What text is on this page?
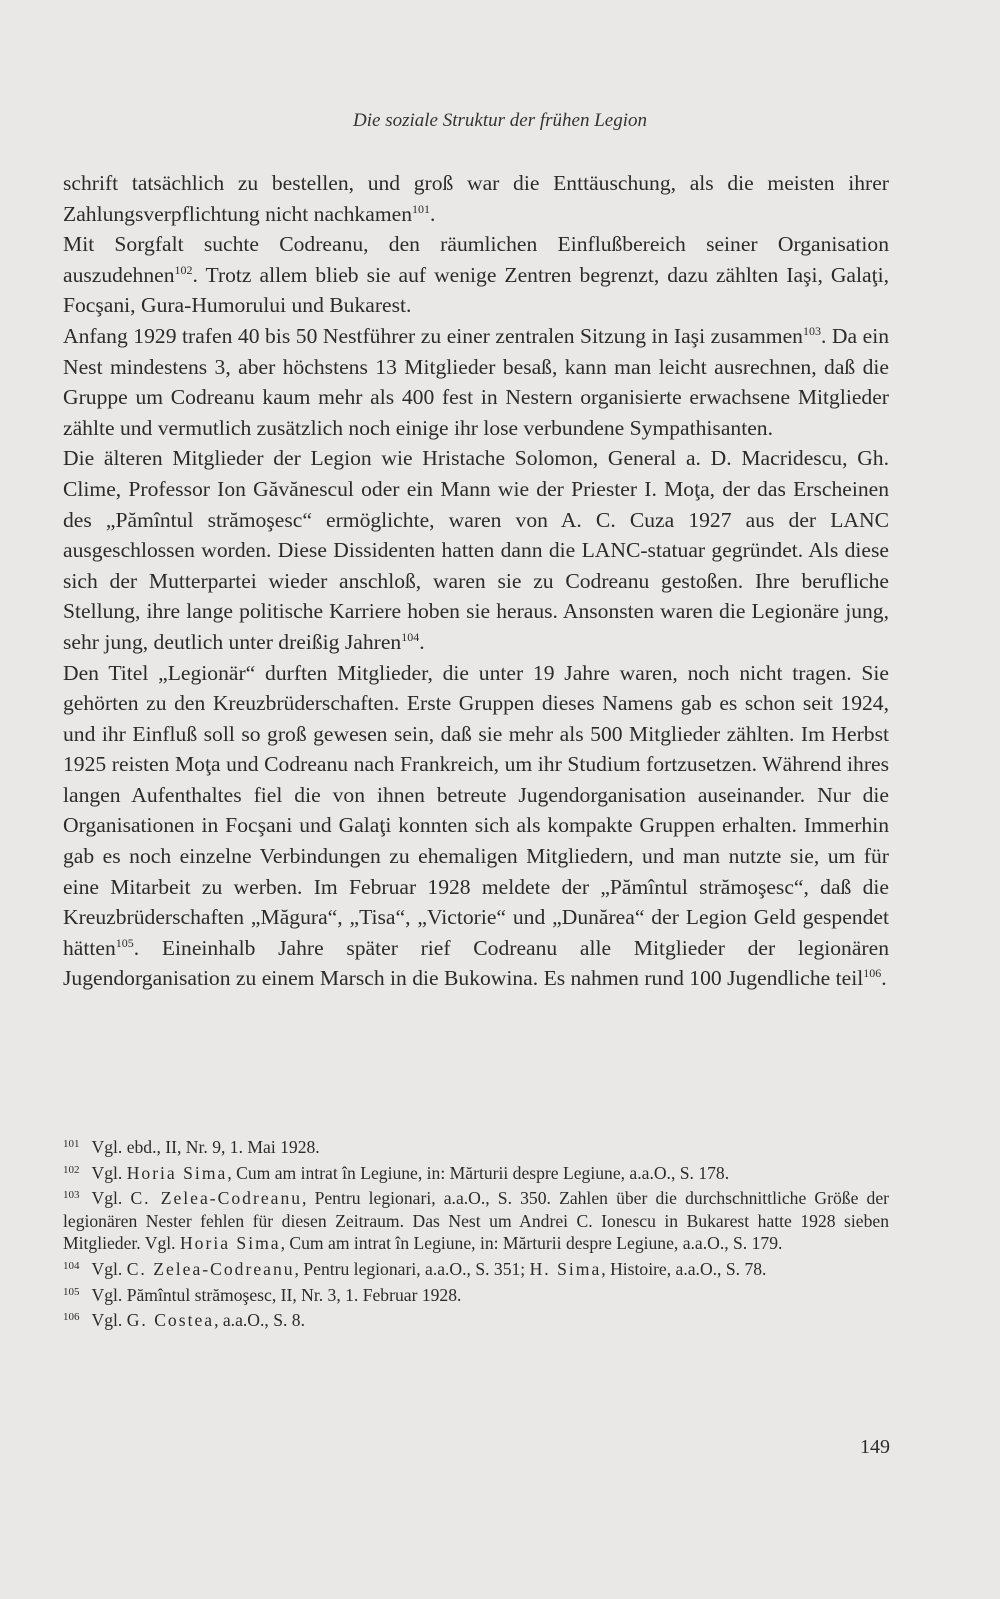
Die soziale Struktur der frühen Legion

schrift tatsächlich zu bestellen, und groß war die Enttäuschung, als die meisten ihrer Zahlungsverpflichtung nicht nachkamen$^{101}$.

Mit Sorgfalt suchte Codreanu, den räumlichen Einflußbereich seiner Organisation auszudehnen$^{102}$. Trotz allem blieb sie auf wenige Zentren begrenzt, dazu zählten Iaşi, Galaţi, Focşani, Gura-Humorului und Bukarest.

Anfang 1929 trafen 40 bis 50 Nestführer zu einer zentralen Sitzung in Iaşi zusammen$^{103}$. Da ein Nest mindestens 3, aber höchstens 13 Mitglieder besaß, kann man leicht ausrechnen, daß die Gruppe um Codreanu kaum mehr als 400 fest in Nestern organisierte erwachsene Mitglieder zählte und vermutlich zusätzlich noch einige ihr lose verbundene Sympathisanten.

Die älteren Mitglieder der Legion wie Hristache Solomon, General a. D. Macridescu, Gh. Clime, Professor Ion Găvănescul oder ein Mann wie der Priester I. Moţa, der das Erscheinen des „Pămîntul strămoşesc“ ermöglichte, waren von A. C. Cuza 1927 aus der LANC ausgeschlossen worden. Diese Dissidenten hatten dann die LANC-statuar gegründet. Als diese sich der Mutterpartei wieder anschloß, waren sie zu Codreanu gestoßen. Ihre berufliche Stellung, ihre lange politische Karriere hoben sie heraus. Ansonsten waren die Legionäre jung, sehr jung, deutlich unter dreißig Jahren$^{104}$.

Den Titel „Legionär“ durften Mitglieder, die unter 19 Jahre waren, noch nicht tragen. Sie gehörten zu den Kreuzbrüderschaften. Erste Gruppen dieses Namens gab es schon seit 1924, und ihr Einfluß soll so groß gewesen sein, daß sie mehr als 500 Mitglieder zählten. Im Herbst 1925 reisten Moţa und Codreanu nach Frankreich, um ihr Studium fortzusetzen. Während ihres langen Aufenthaltes fiel die von ihnen betreute Jugendorganisation auseinander. Nur die Organisationen in Focşani und Galaţi konnten sich als kompakte Gruppen erhalten. Immerhin gab es noch einzelne Verbindungen zu ehemaligen Mitgliedern, und man nutzte sie, um für eine Mitarbeit zu werben. Im Februar 1928 meldete der „Pămîntul strămoşesc“, daß die Kreuzbrüderschaften „Măgura“, „Tisa“, „Victorie“ und „Dunărea“ der Legion Geld gespendet hätten$^{105}$. Eineinhalb Jahre später rief Codreanu alle Mitglieder der legionären Jugendorganisation zu einem Marsch in die Bukowina. Es nahmen rund 100 Jugendliche teil$^{106}$.

$^{101}$ Vgl. ebd., II, Nr. 9, 1. Mai 1928.

$^{102}$ Vgl. Horia Sima, Cum am intrat în Legiune, in: Mărturii despre Legiune, a.a.O., S. 178.

$^{103}$ Vgl. C. Zelea-Codreanu, Pentru legionari, a.a.O., S. 350. Zahlen über die durchschnittliche Größe der legionären Nester fehlen für diesen Zeitraum. Das Nest um Andrei C. Ionescu in Bukarest hatte 1928 sieben Mitglieder. Vgl. Horia Sima, Cum am intrat în Legiune, in: Mărturii despre Legiune, a.a.O., S. 179.

$^{104}$ Vgl. C. Zelea-Codreanu, Pentru legionari, a.a.O., S. 351; H. Sima, Histoire, a.a.O., S. 78.

$^{105}$ Vgl. Pămîntul strămoşesc, II, Nr. 3, 1. Februar 1928.

$^{106}$ Vgl. G. Costea, a.a.O., S. 8.

149
